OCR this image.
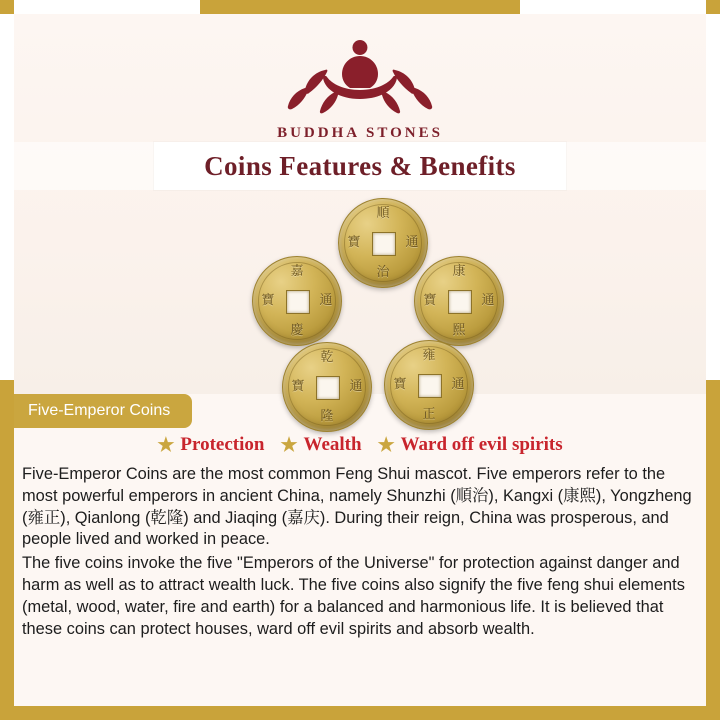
BUDDHA STONES
Coins Features & Benefits
順
治
寶	通
嘉
慶
寶	通
康
熙
寶	通
乾
隆
寶	通
雍
正
寶	通
Five-Emperor Coins
★ Protection ★ Wealth ★ Ward off evil spirits

Five-Emperor Coins are the most common Feng Shui mascot. Five emperors refer to the most powerful emperors in ancient China, namely Shunzhi (順治), Kangxi (康熙), Yongzheng (雍正), Qianlong (乾隆) and Jiaqing (嘉庆). During their reign, China was prosperous, and people lived and worked in peace.

The five coins invoke the five "Emperors of the Universe" for protection against danger and harm as well as to attract wealth luck. The five coins also signify the five feng shui elements (metal, wood, water, fire and earth) for a balanced and harmonious life. It is believed that these coins can protect houses, ward off evil spirits and absorb wealth.
